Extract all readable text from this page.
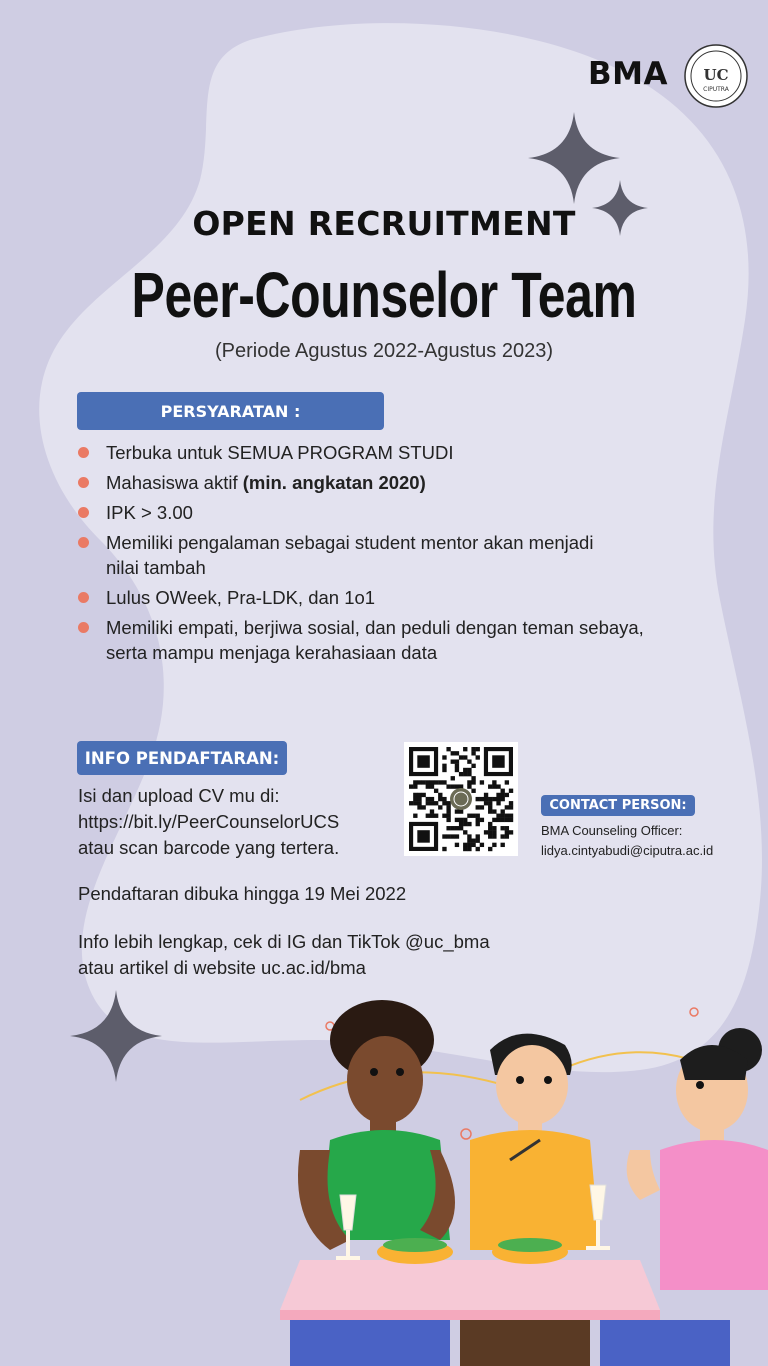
BMA UC
CIPUTRA
OPEN RECRUITMENT
Peer-Counselor Team
(Periode Agustus 2022-Agustus 2023)
PERSYARATAN :
Terbuka untuk SEMUA PROGRAM STUDI
Mahasiswa aktif (min. angkatan 2020)
IPK > 3.00
Memiliki pengalaman sebagai student mentor akan menjadi nilai tambah
Lulus OWeek, Pra-LDK, dan 1o1
Memiliki empati, berjiwa sosial, dan peduli dengan teman sebaya, serta mampu menjaga kerahasiaan data
INFO PENDAFTARAN:
Isi dan upload CV mu di:
https://bit.ly/PeerCounselorUCS
atau scan barcode yang tertera.
CONTACT PERSON:
BMA Counseling Officer:
lidya.cintyabudi@ciputra.ac.id
Pendaftaran dibuka hingga 19 Mei 2022
Info lebih lengkap, cek di IG dan TikTok @uc_bma
atau artikel di website uc.ac.id/bma
